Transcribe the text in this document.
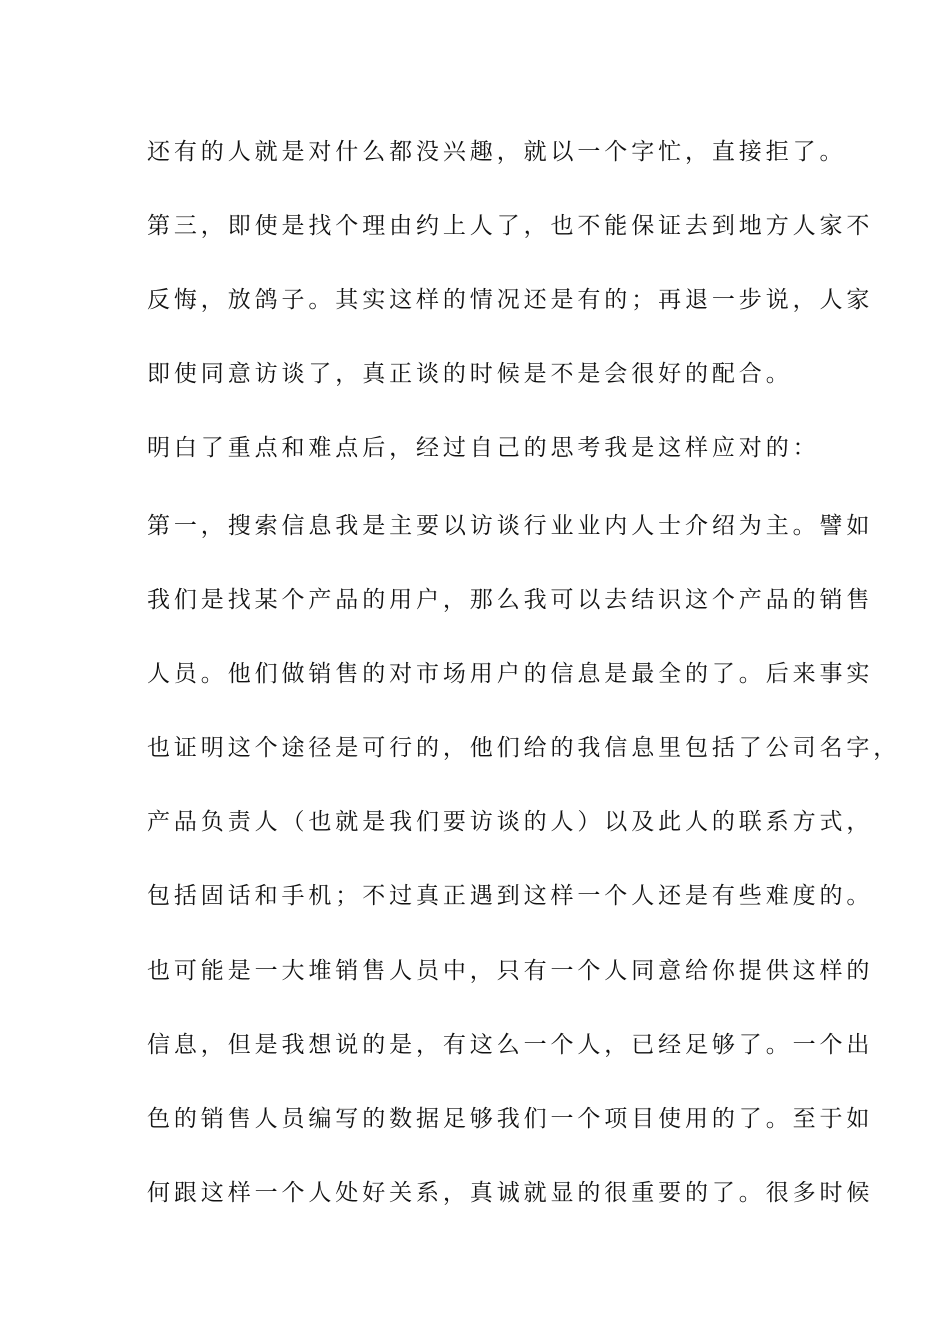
还有的人就是对什么都没兴趣，就以一个字忙，直接拒了。
第三，即使是找个理由约上人了，也不能保证去到地方人家不
反悔，放鸽子。其实这样的情况还是有的；再退一步说，人家
即使同意访谈了，真正谈的时候是不是会很好的配合。
明白了重点和难点后，经过自己的思考我是这样应对的：
第一，搜索信息我是主要以访谈行业业内人士介绍为主。譬如
我们是找某个产品的用户，那么我可以去结识这个产品的销售
人员。他们做销售的对市场用户的信息是最全的了。后来事实
也证明这个途径是可行的，他们给的我信息里包括了公司名字，
产品负责人（也就是我们要访谈的人）以及此人的联系方式，
包括固话和手机；不过真正遇到这样一个人还是有些难度的。
也可能是一大堆销售人员中，只有一个人同意给你提供这样的
信息，但是我想说的是，有这么一个人，已经足够了。一个出
色的销售人员编写的数据足够我们一个项目使用的了。至于如
何跟这样一个人处好关系，真诚就显的很重要的了。很多时候
